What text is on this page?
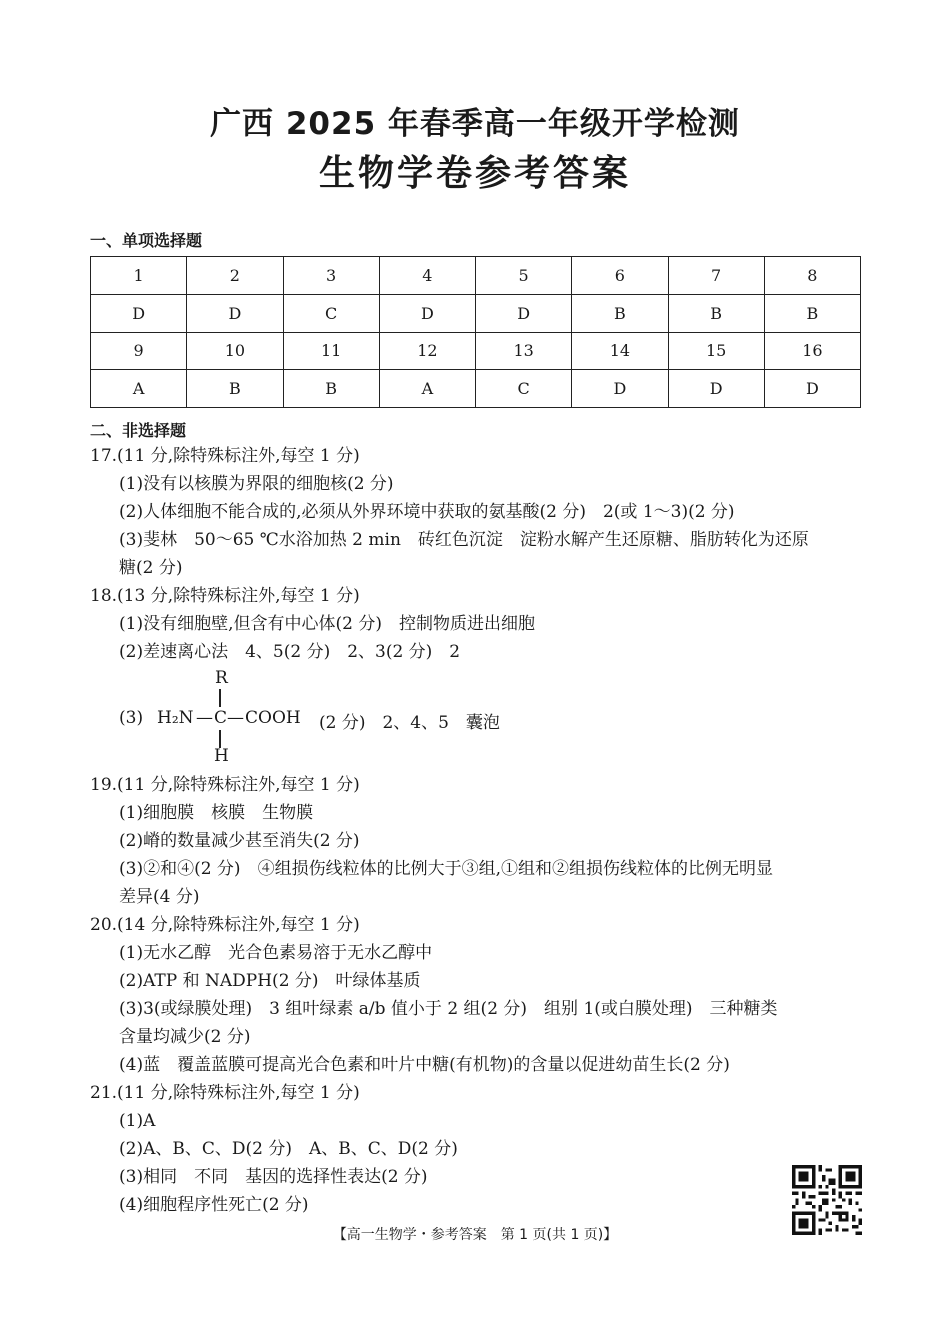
广西 2025 年春季高一年级开学检测
生物学卷参考答案
一、单项选择题
1	2	3	4	5	6	7	8
D	D	C	D	D	B	B	B
9	10	11	12	13	14	15	16
A	B	B	A	C	D	D	D
二、非选择题
17.(11 分,除特殊标注外,每空 1 分)
(1)没有以核膜为界限的细胞核(2 分)
(2)人体细胞不能合成的,必须从外界环境中获取的氨基酸(2 分)　2(或 1～3)(2 分)
(3)斐林　50～65 ℃水浴加热 2 min　砖红色沉淀　淀粉水解产生还原糖、脂肪转化为还原
糖(2 分)
18.(13 分,除特殊标注外,每空 1 分)
(1)没有细胞壁,但含有中心体(2 分)　控制物质进出细胞
(2)差速离心法　4、5(2 分)　2、3(2 分)　2
(3)
R
H₂N — C — COOH (2 分)　2、4、5　囊泡
H
19.(11 分,除特殊标注外,每空 1 分)
(1)细胞膜　核膜　生物膜
(2)嵴的数量减少甚至消失(2 分)
(3)②和④(2 分)　④组损伤线粒体的比例大于③组,①组和②组损伤线粒体的比例无明显
差异(4 分)
20.(14 分,除特殊标注外,每空 1 分)
(1)无水乙醇　光合色素易溶于无水乙醇中
(2)ATP 和 NADPH(2 分)　叶绿体基质
(3)3(或绿膜处理)　3 组叶绿素 a/b 值小于 2 组(2 分)　组别 1(或白膜处理)　三种糖类
含量均减少(2 分)
(4)蓝　覆盖蓝膜可提高光合色素和叶片中糖(有机物)的含量以促进幼苗生长(2 分)
21.(11 分,除特殊标注外,每空 1 分)
(1)A
(2)A、B、C、D(2 分)　A、B、C、D(2 分)
(3)相同　不同　基因的选择性表达(2 分)
(4)细胞程序性死亡(2 分)
【高一生物学・参考答案　第 1 页(共 1 页)】
